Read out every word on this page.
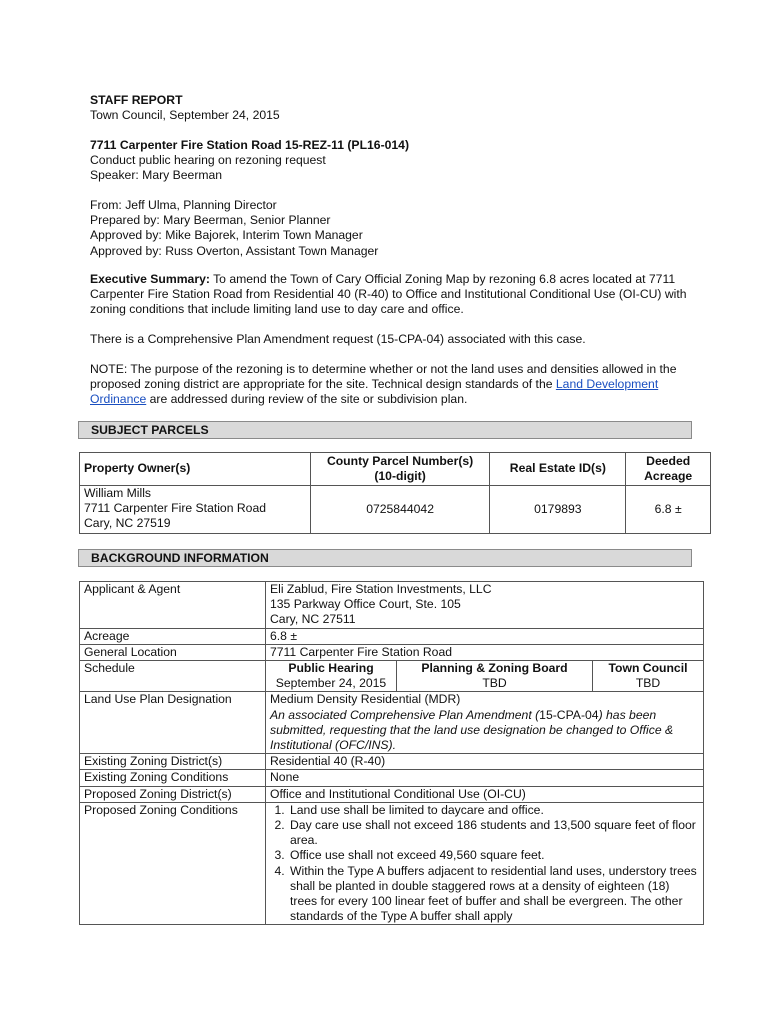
STAFF REPORT

Town Council, September 24, 2015

7711 Carpenter Fire Station Road 15-REZ-11 (PL16-014)

Conduct public hearing on rezoning request

Speaker: Mary Beerman

From: Jeff Ulma, Planning Director

Prepared by: Mary Beerman, Senior Planner

Approved by: Mike Bajorek, Interim Town Manager

Approved by: Russ Overton, Assistant Town Manager

Executive Summary: To amend the Town of Cary Official Zoning Map by rezoning 6.8 acres located at 7711 Carpenter Fire Station Road from Residential 40 (R-40) to Office and Institutional Conditional Use (OI-CU) with zoning conditions that include limiting land use to day care and office.

There is a Comprehensive Plan Amendment request (15-CPA-04) associated with this case.

NOTE: The purpose of the rezoning is to determine whether or not the land uses and densities allowed in the proposed zoning district are appropriate for the site. Technical design standards of the Land Development Ordinance are addressed during review of the site or subdivision plan.

SUBJECT PARCELS
Property Owner(s)	County Parcel Number(s) (10-digit)	Real Estate ID(s)	Deeded Acreage

William Mills
7711 Carpenter Fire Station Road
Cary, NC 27519	0725844042	0179893	6.8 ±
BACKGROUND INFORMATION
Applicant & Agent	Eli Zablud, Fire Station Investments, LLC
135 Parkway Office Court, Ste. 105
Cary, NC 27511

Acreage	6.8 ±
General Location	7711 Carpenter Fire Station Road
Schedule		Public Hearing	Planning & Zoning Board	Town Council
September 24, 2015	TBD	TBD

Land Use Plan Designation	Medium Density Residential (MDR)
An associated Comprehensive Plan Amendment (15-CPA-04) has been submitted, requesting that the land use designation be changed to Office & Institutional (OFC/INS).

Existing Zoning District(s)	Residential 40 (R-40)
Existing Zoning Conditions	None
Proposed Zoning District(s)	Office and Institutional Conditional Use (OI-CU)
Proposed Zoning Conditions	
1.Land use shall be limited to daycare and office.
2. Day care use shall not exceed 186 students and 13,500 square feet of floor area.
3. Office use shall not exceed 49,560 square feet.
4. Within the Type A buffers adjacent to residential land uses, understory trees shall be planted in double staggered rows at a density of eighteen (18) trees for every 100 linear feet of buffer and shall be evergreen. The other standards of the Type A buffer shall apply
